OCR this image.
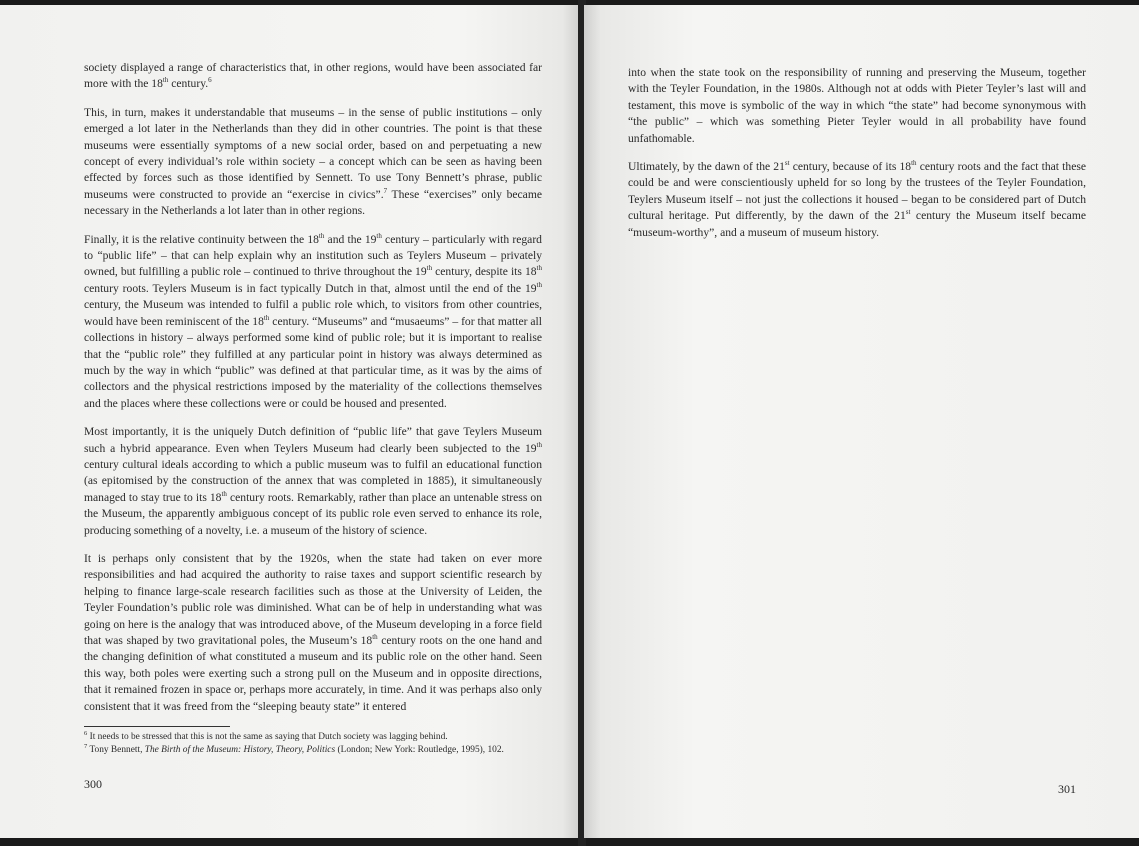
society displayed a range of characteristics that, in other regions, would have been associated far more with the 18th century.$^6$

This, in turn, makes it understandable that museums – in the sense of public institutions – only emerged a lot later in the Netherlands than they did in other countries. The point is that these museums were essentially symptoms of a new social order, based on and perpetuating a new concept of every individual’s role within society – a concept which can be seen as having been effected by forces such as those identified by Sennett. To use Tony Bennett’s phrase, public museums were constructed to provide an “exercise in civics”.$^7$ These “exercises” only became necessary in the Netherlands a lot later than in other regions.

Finally, it is the relative continuity between the 18th and the 19th century – particularly with regard to “public life” – that can help explain why an institution such as Teylers Museum – privately owned, but fulfilling a public role – continued to thrive throughout the 19th century, despite its 18th century roots. Teylers Museum is in fact typically Dutch in that, almost until the end of the 19th century, the Museum was intended to fulfil a public role which, to visitors from other countries, would have been reminiscent of the 18th century. “Museums” and “musaeums” – for that matter all collections in history – always performed some kind of public role; but it is important to realise that the “public role” they fulfilled at any particular point in history was always determined as much by the way in which “public” was defined at that particular time, as it was by the aims of collectors and the physical restrictions imposed by the materiality of the collections themselves and the places where these collections were or could be housed and presented.

Most importantly, it is the uniquely Dutch definition of “public life” that gave Teylers Museum such a hybrid appearance. Even when Teylers Museum had clearly been subjected to the 19th century cultural ideals according to which a public museum was to fulfil an educational function (as epitomised by the construction of the annex that was completed in 1885), it simultaneously managed to stay true to its 18th century roots. Remarkably, rather than place an untenable stress on the Museum, the apparently ambiguous concept of its public role even served to enhance its role, producing something of a novelty, i.e. a museum of the history of science.

It is perhaps only consistent that by the 1920s, when the state had taken on ever more responsibilities and had acquired the authority to raise taxes and support scientific research by helping to finance large-scale research facilities such as those at the University of Leiden, the Teyler Foundation’s public role was diminished. What can be of help in understanding what was going on here is the analogy that was introduced above, of the Museum developing in a force field that was shaped by two gravitational poles, the Museum’s 18th century roots on the one hand and the changing definition of what constituted a museum and its public role on the other hand. Seen this way, both poles were exerting such a strong pull on the Museum and in opposite directions, that it remained frozen in space or, perhaps more accurately, in time. And it was perhaps also only consistent that it was freed from the “sleeping beauty state” it entered

$^6$ It needs to be stressed that this is not the same as saying that Dutch society was lagging behind.

$^7$ Tony Bennett, The Birth of the Museum: History, Theory, Politics (London; New York: Routledge, 1995), 102.

300

into when the state took on the responsibility of running and preserving the Museum, together with the Teyler Foundation, in the 1980s. Although not at odds with Pieter Teyler’s last will and testament, this move is symbolic of the way in which “the state” had become synonymous with “the public” – which was something Pieter Teyler would in all probability have found unfathomable.

Ultimately, by the dawn of the 21st century, because of its 18th century roots and the fact that these could be and were conscientiously upheld for so long by the trustees of the Teyler Foundation, Teylers Museum itself – not just the collections it housed – began to be considered part of Dutch cultural heritage. Put differently, by the dawn of the 21st century the Museum itself became “museum-worthy”, and a museum of museum history.

301
